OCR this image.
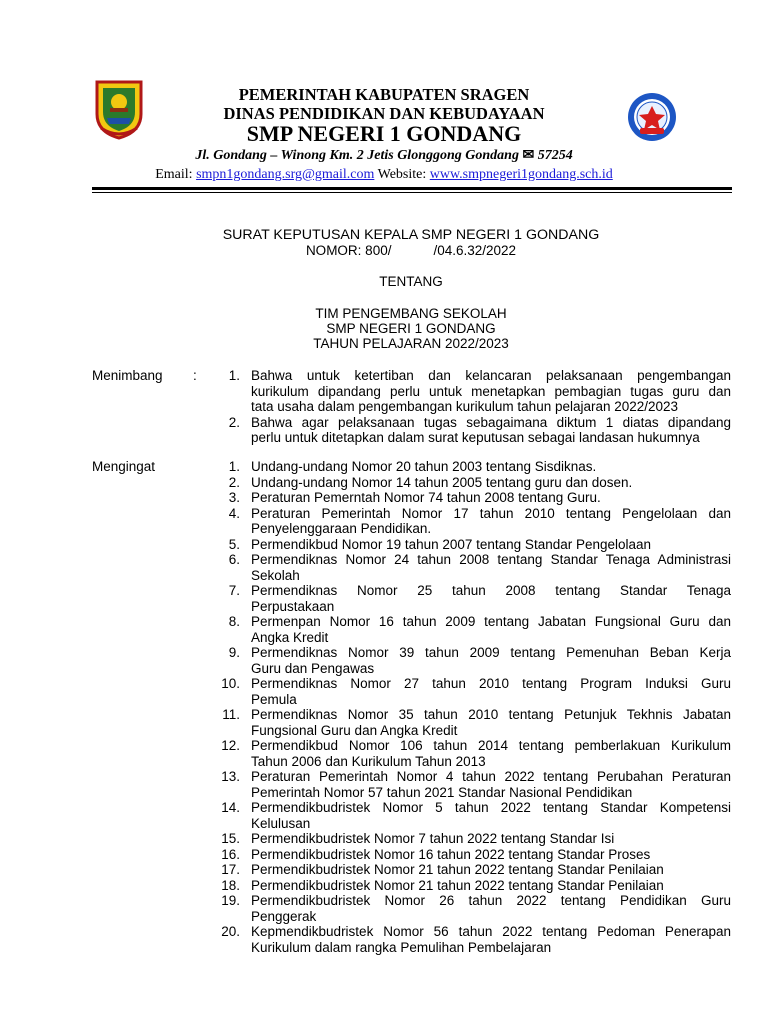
PEMERINTAH KABUPATEN SRAGEN
DINAS PENDIDIKAN DAN KEBUDAYAAN
SMP NEGERI 1 GONDANG
Jl. Gondang – Winong Km. 2 Jetis Glonggong Gondang ✉ 57254
Email: smpn1gondang.srg@gmail.com Website: www.smpnegeri1gondang.sch.id
SURAT KEPUTUSAN KEPALA SMP NEGERI 1 GONDANG
NOMOR: 800/	/04.6.32/2022
TENTANG
TIM PENGEMBANG SEKOLAH
SMP NEGERI 1 GONDANG
TAHUN PELAJARAN 2022/2023
Menimbang :	1. Bahwa untuk ketertiban dan kelancaran pelaksanaan pengembangan
kurikulum dipandang perlu untuk menetapkan pembagian tugas guru dan
tata usaha dalam pengembangan kurikulum tahun pelajaran 2022/2023
2. Bahwa agar pelaksanaan tugas sebagaimana diktum 1 diatas dipandang
perlu untuk ditetapkan dalam surat keputusan sebagai landasan hukumnya
Mengingat	1. Undang-undang Nomor 20 tahun 2003 tentang Sisdiknas.
2. Undang-undang Nomor 14 tahun 2005 tentang guru dan dosen.
3. Peraturan Pemerntah Nomor 74 tahun 2008 tentang Guru.
4. Peraturan Pemerintah Nomor 17 tahun 2010 tentang Pengelolaan dan
Penyelenggaraan Pendidikan.
5. Permendikbud Nomor 19 tahun 2007 tentang Standar Pengelolaan
6. Permendiknas Nomor 24 tahun 2008 tentang Standar Tenaga Administrasi
Sekolah
7. Permendiknas Nomor 25 tahun 2008 tentang Standar Tenaga
Perpustakaan
8. Permenpan Nomor 16 tahun 2009 tentang Jabatan Fungsional Guru dan
Angka Kredit
9. Permendiknas Nomor 39 tahun 2009 tentang Pemenuhan Beban Kerja
Guru dan Pengawas
10. Permendiknas Nomor 27 tahun 2010 tentang Program Induksi Guru
Pemula
11. Permendiknas Nomor 35 tahun 2010 tentang Petunjuk Tekhnis Jabatan
Fungsional Guru dan Angka Kredit
12. Permendikbud Nomor 106 tahun 2014 tentang pemberlakuan Kurikulum
Tahun 2006 dan Kurikulum Tahun 2013
13. Peraturan Pemerintah Nomor 4 tahun 2022 tentang Perubahan Peraturan
Pemerintah Nomor 57 tahun 2021 Standar Nasional Pendidikan
14. Permendikbudristek Nomor 5 tahun 2022 tentang Standar Kompetensi
Kelulusan
15. Permendikbudristek Nomor 7 tahun 2022 tentang Standar Isi
16. Permendikbudristek Nomor 16 tahun 2022 tentang Standar Proses
17. Permendikbudristek Nomor 21 tahun 2022 tentang Standar Penilaian
18. Permendikbudristek Nomor 21 tahun 2022 tentang Standar Penilaian
19. Permendikbudristek Nomor 26 tahun 2022 tentang Pendidikan Guru
Penggerak
20. Kepmendikbudristek Nomor 56 tahun 2022 tentang Pedoman Penerapan
Kurikulum dalam rangka Pemulihan Pembelajaran
